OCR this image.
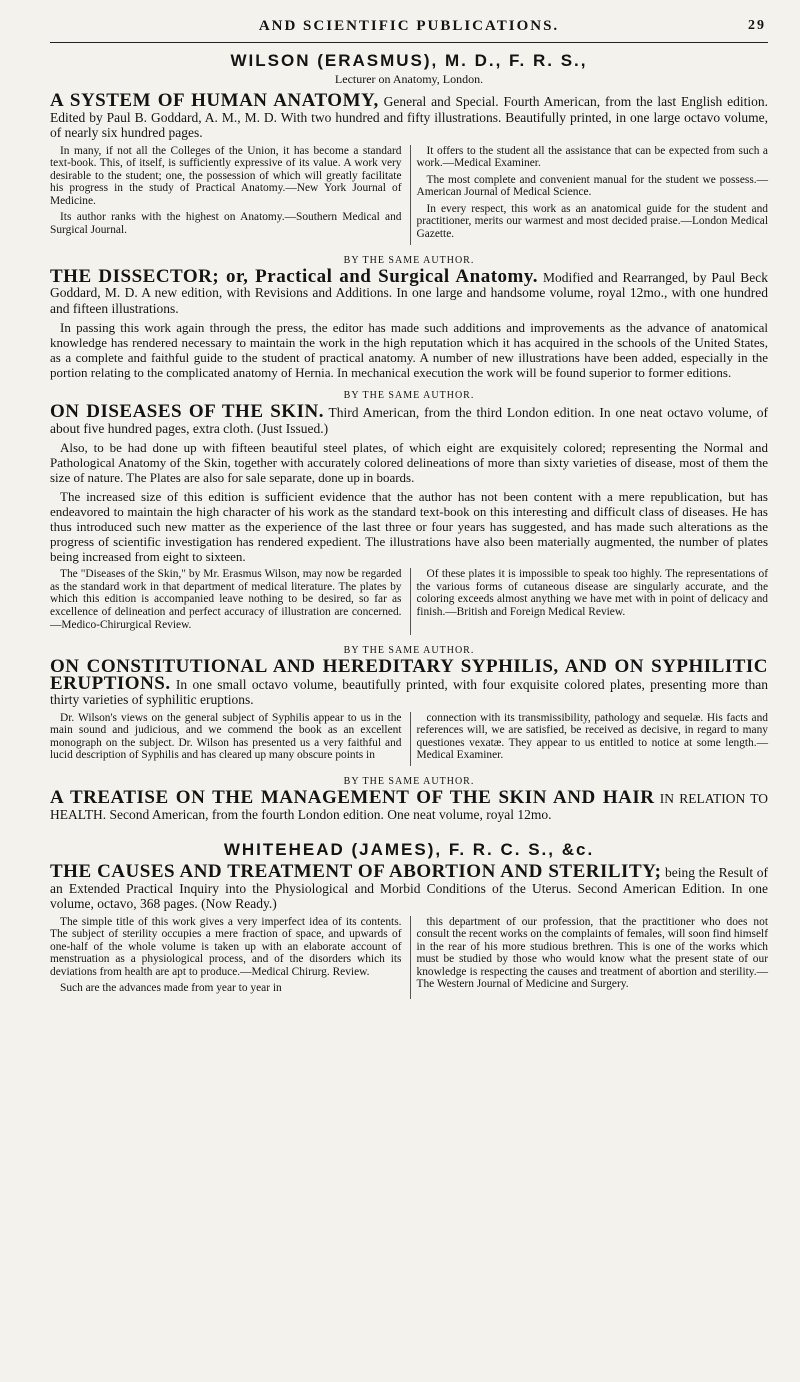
AND SCIENTIFIC PUBLICATIONS.	29
WILSON (ERASMUS), M. D., F. R. S.,
Lecturer on Anatomy, London.

A SYSTEM OF HUMAN ANATOMY, General and Special. Fourth American, from the last English edition. Edited by Paul B. Goddard, A. M., M. D. With two hundred and fifty illustrations. Beautifully printed, in one large octavo volume, of nearly six hundred pages.

In many, if not all the Colleges of the Union, it has become a standard text-book. This, of itself, is sufficiently expressive of its value. A work very desirable to the student; one, the possession of which will greatly facilitate his progress in the study of Practical Anatomy.—New York Journal of Medicine.

Its author ranks with the highest on Anatomy.—Southern Medical and Surgical Journal.

It offers to the student all the assistance that can be expected from such a work.—Medical Examiner.

The most complete and convenient manual for the student we possess.—American Journal of Medical Science.

In every respect, this work as an anatomical guide for the student and practitioner, merits our warmest and most decided praise.—London Medical Gazette.

BY THE SAME AUTHOR.

THE DISSECTOR; or, Practical and Surgical Anatomy. Modified and Rearranged, by Paul Beck Goddard, M. D. A new edition, with Revisions and Additions. In one large and handsome volume, royal 12mo., with one hundred and fifteen illustrations.

In passing this work again through the press, the editor has made such additions and improvements as the advance of anatomical knowledge has rendered necessary to maintain the work in the high reputation which it has acquired in the schools of the United States, as a complete and faithful guide to the student of practical anatomy. A number of new illustrations have been added, especially in the portion relating to the complicated anatomy of Hernia. In mechanical execution the work will be found superior to former editions.

BY THE SAME AUTHOR.

ON DISEASES OF THE SKIN. Third American, from the third London edition. In one neat octavo volume, of about five hundred pages, extra cloth. (Just Issued.)

Also, to be had done up with fifteen beautiful steel plates, of which eight are exquisitely colored; representing the Normal and Pathological Anatomy of the Skin, together with accurately colored delineations of more than sixty varieties of disease, most of them the size of nature. The Plates are also for sale separate, done up in boards.

The increased size of this edition is sufficient evidence that the author has not been content with a mere republication, but has endeavored to maintain the high character of his work as the standard text-book on this interesting and difficult class of diseases. He has thus introduced such new matter as the experience of the last three or four years has suggested, and has made such alterations as the progress of scientific investigation has rendered expedient. The illustrations have also been materially augmented, the number of plates being increased from eight to sixteen.

The "Diseases of the Skin," by Mr. Erasmus Wilson, may now be regarded as the standard work in that department of medical literature. The plates by which this edition is accompanied leave nothing to be desired, so far as excellence of delineation and perfect accuracy of illustration are concerned.—Medico-Chirurgical Review.

Of these plates it is impossible to speak too highly. The representations of the various forms of cutaneous disease are singularly accurate, and the coloring exceeds almost anything we have met with in point of delicacy and finish.—British and Foreign Medical Review.

BY THE SAME AUTHOR.

ON CONSTITUTIONAL AND HEREDITARY SYPHILIS, AND ON SYPHILITIC ERUPTIONS. In one small octavo volume, beautifully printed, with four exquisite colored plates, presenting more than thirty varieties of syphilitic eruptions.

Dr. Wilson's views on the general subject of Syphilis appear to us in the main sound and judicious, and we commend the book as an excellent monograph on the subject. Dr. Wilson has presented us a very faithful and lucid description of Syphilis and has cleared up many obscure points in

connection with its transmissibility, pathology and sequelæ. His facts and references will, we are satisfied, be received as decisive, in regard to many questiones vexatæ. They appear to us entitled to notice at some length.—Medical Examiner.

BY THE SAME AUTHOR.

A TREATISE ON THE MANAGEMENT OF THE SKIN AND HAIR IN RELATION TO HEALTH. Second American, from the fourth London edition. One neat volume, royal 12mo.

WHITEHEAD (JAMES), F. R. C. S., &c.

THE CAUSES AND TREATMENT OF ABORTION AND STERILITY; being the Result of an Extended Practical Inquiry into the Physiological and Morbid Conditions of the Uterus. Second American Edition. In one volume, octavo, 368 pages. (Now Ready.)

The simple title of this work gives a very imperfect idea of its contents. The subject of sterility occupies a mere fraction of space, and upwards of one-half of the whole volume is taken up with an elaborate account of menstruation as a physiological process, and of the disorders which its deviations from health are apt to produce.—Medical Chirurg. Review.

Such are the advances made from year to year in

this department of our profession, that the practitioner who does not consult the recent works on the complaints of females, will soon find himself in the rear of his more studious brethren. This is one of the works which must be studied by those who would know what the present state of our knowledge is respecting the causes and treatment of abortion and sterility.—The Western Journal of Medicine and Surgery.
